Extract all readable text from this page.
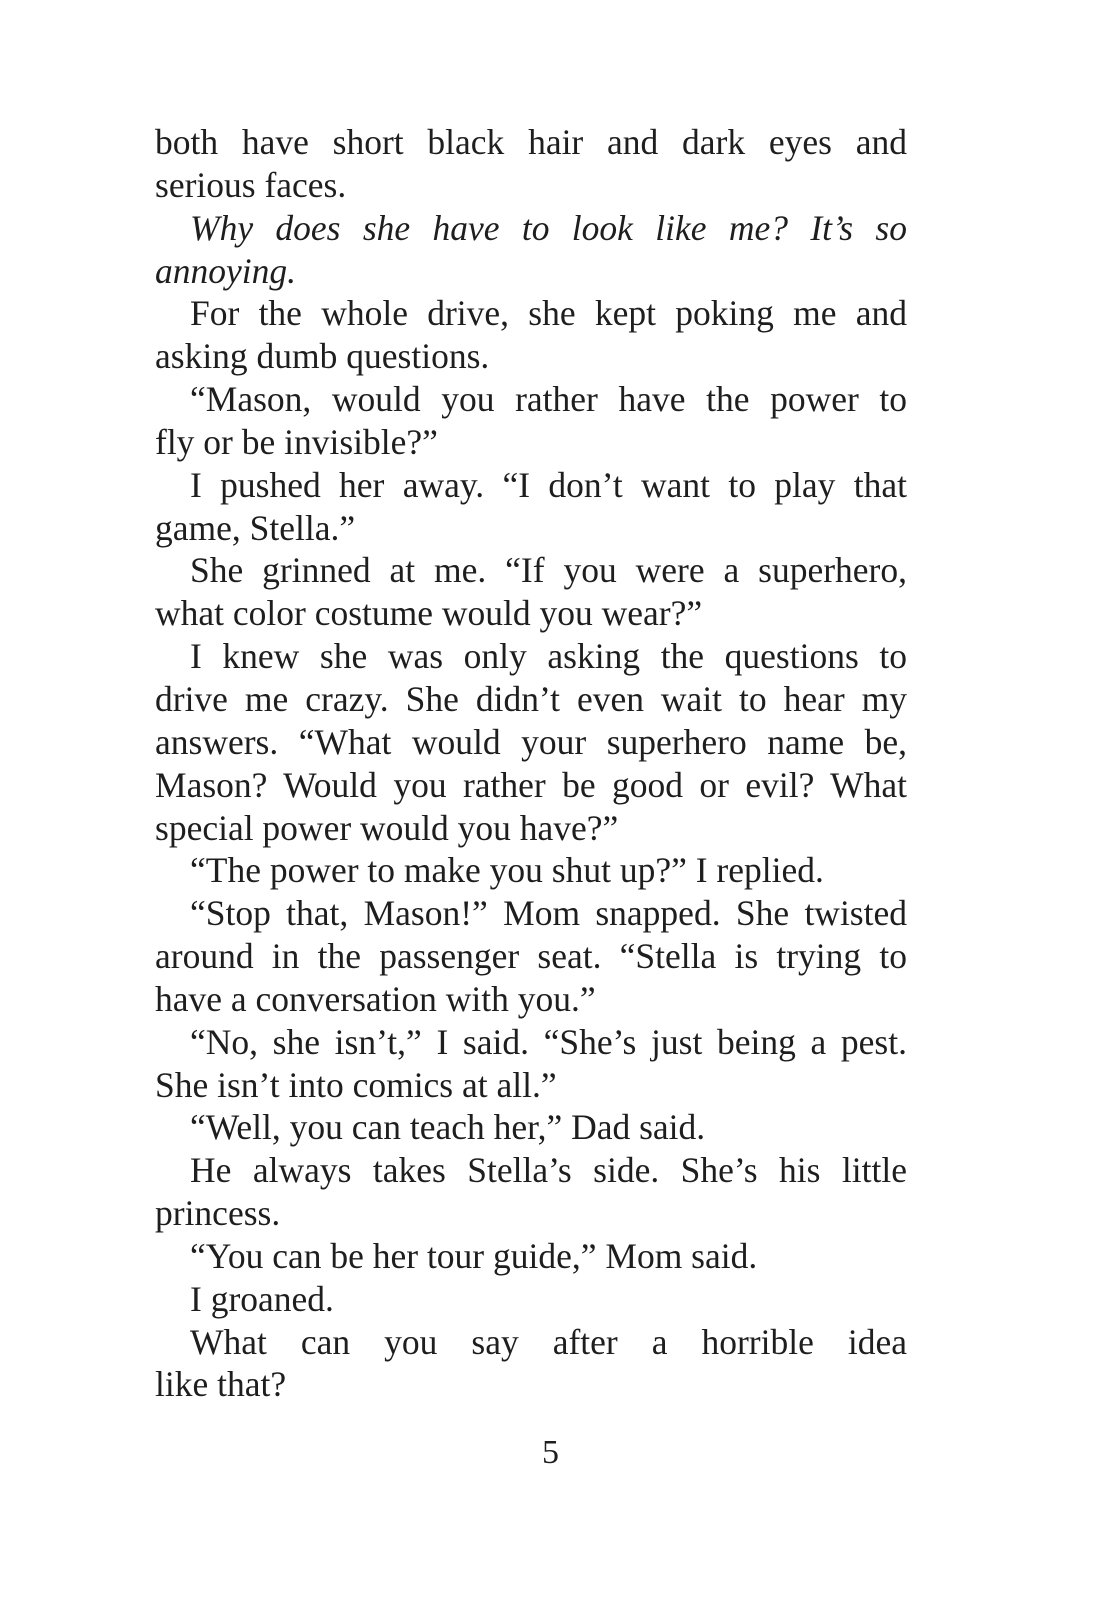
both have short black hair and dark eyes and
serious faces.
Why does she have to look like me? It’s so
annoying.
For the whole drive, she kept poking me and
asking dumb questions.
“Mason, would you rather have the power to
fly or be invisible?”
I pushed her away. “I don’t want to play that
game, Stella.”
She grinned at me. “If you were a superhero,
what color costume would you wear?”
I knew she was only asking the questions to
drive me crazy. She didn’t even wait to hear my
answers. “What would your superhero name be,
Mason? Would you rather be good or evil? What
special power would you have?”
“The power to make you shut up?” I replied.
“Stop that, Mason!” Mom snapped. She twisted
around in the passenger seat. “Stella is trying to
have a conversation with you.”
“No, she isn’t,” I said. “She’s just being a pest.
She isn’t into comics at all.”
“Well, you can teach her,” Dad said.
He always takes Stella’s side. She’s his little
princess.
“You can be her tour guide,” Mom said.
I groaned.
What can you say after a horrible idea
like that?
5
